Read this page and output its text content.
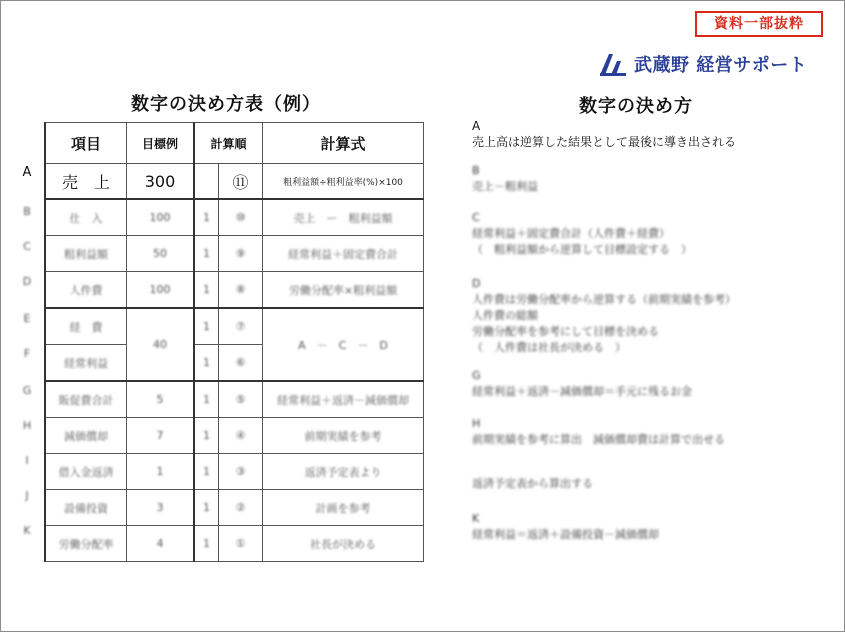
資料一部抜粋
武蔵野 経営サポート
数字の決め方表（例）	数字の決め方
A
B
C
D
E
F
G
H
I
J
K
項目	目標例	計算順		計算式
売　上	300		⑪	粗利益額÷粗利益率(%)×100
仕　入	100	1	⑩	売上　ー　粗利益額
粗利益額	50	1	⑨	経常利益＋固定費合計
人件費	100	1	⑧	労働分配率×粗利益額
経　費	40	1	⑦	A　－　C　－　D
経常利益		1	⑥	
販促費合計	5	1	⑤	経常利益＋返済－減価償却
減価償却	7	1	④	前期実績を参考
借入金返済	1	1	③	返済予定表より
設備投資	3	1	②	計画を参考
労働分配率	4	1	①	社長が決める
A
売上高は逆算した結果として最後に導き出される
B
売上－粗利益
C
経常利益＋固定費合計（人件費＋経費）
（　粗利益額から逆算して目標設定する　）
D
人件費は労働分配率から逆算する（前期実績を参考）
人件費の総額
労働分配率を参考にして目標を決める
（　人件費は社長が決める　）
G
経常利益＋返済－減価償却＝手元に残るお金
H
前期実績を参考に算出　減価償却費は計算で出せる
返済予定表から算出する
K
経常利益＝返済＋設備投資－減価償却
